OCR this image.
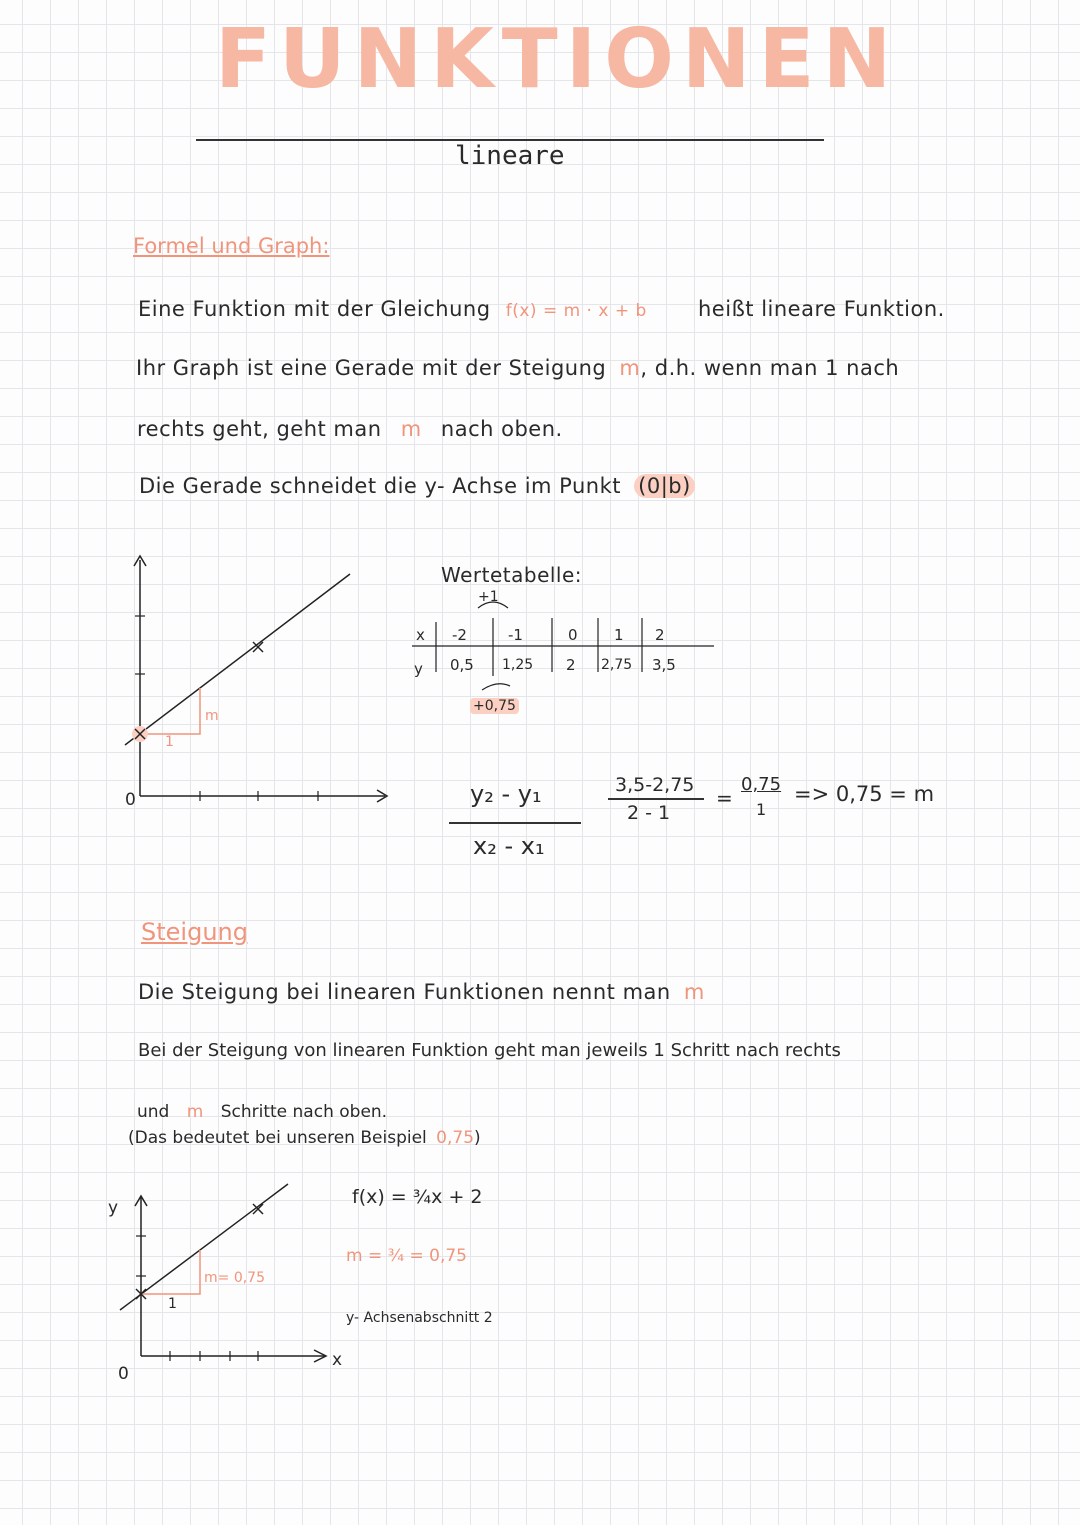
FUNKTIONEN
lineare
Formel und Graph:
Eine Funktion mit der Gleichung f(x) = m · x + b heißt lineare Funktion.
Ihr Graph ist eine Gerade mit der Steigung m, d.h. wenn man 1 nach
rechts geht, geht man m nach oben.
Die Gerade schneidet die y- Achse im Punkt (0|b)
0
1
m
Wertetabelle:
+1
x
y
-2	-1	0 1 2
0,5 1,25 2 2,75 3,5
+0,75
y₂ - y₁
x₂ - x₁
3,5-2,75
2 - 1
=
0,75
1
=> 0,75 = m
Steigung
Die Steigung bei linearen Funktionen nennt man m
Bei der Steigung von linearen Funktion geht man jeweils 1 Schritt nach rechts
und m Schritte nach oben.
(Das bedeutet bei unseren Beispiel 0,75)
y
x
0
1
m= 0,75
f(x) = ¾x + 2
m = ¾ = 0,75
y- Achsenabschnitt 2
